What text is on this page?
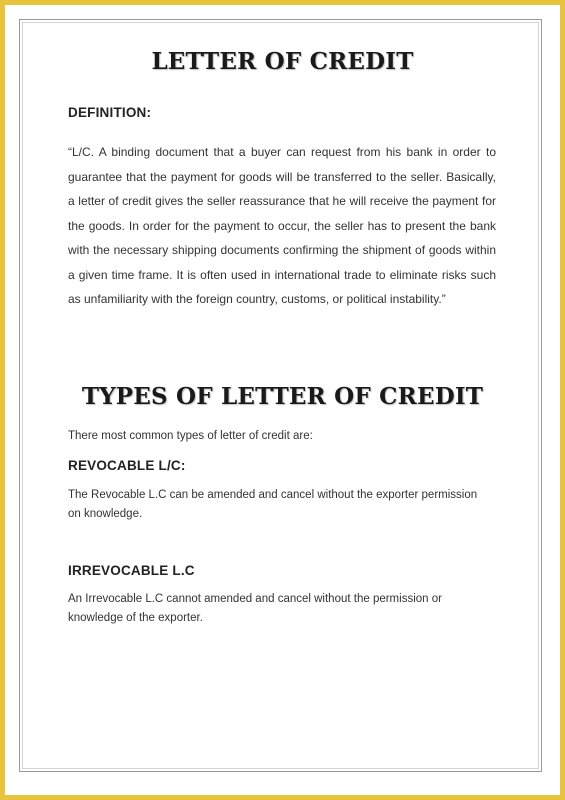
LETTER OF CREDIT
DEFINITION:

“L/C. A binding document that a buyer can request from his bank in order to guarantee that the payment for goods will be transferred to the seller. Basically, a letter of credit gives the seller reassurance that he will receive the payment for the goods. In order for the payment to occur, the seller has to present the bank with the necessary shipping documents confirming the shipment of goods within a given time frame. It is often used in international trade to eliminate risks such as unfamiliarity with the foreign country, customs, or political instability.”

TYPES OF LETTER OF CREDIT

There most common types of letter of credit are:

REVOCABLE L/C:

The Revocable L.C can be amended and cancel without the exporter permission on knowledge.

IRREVOCABLE L.C

An Irrevocable L.C cannot amended and cancel without the permission or knowledge of the exporter.
